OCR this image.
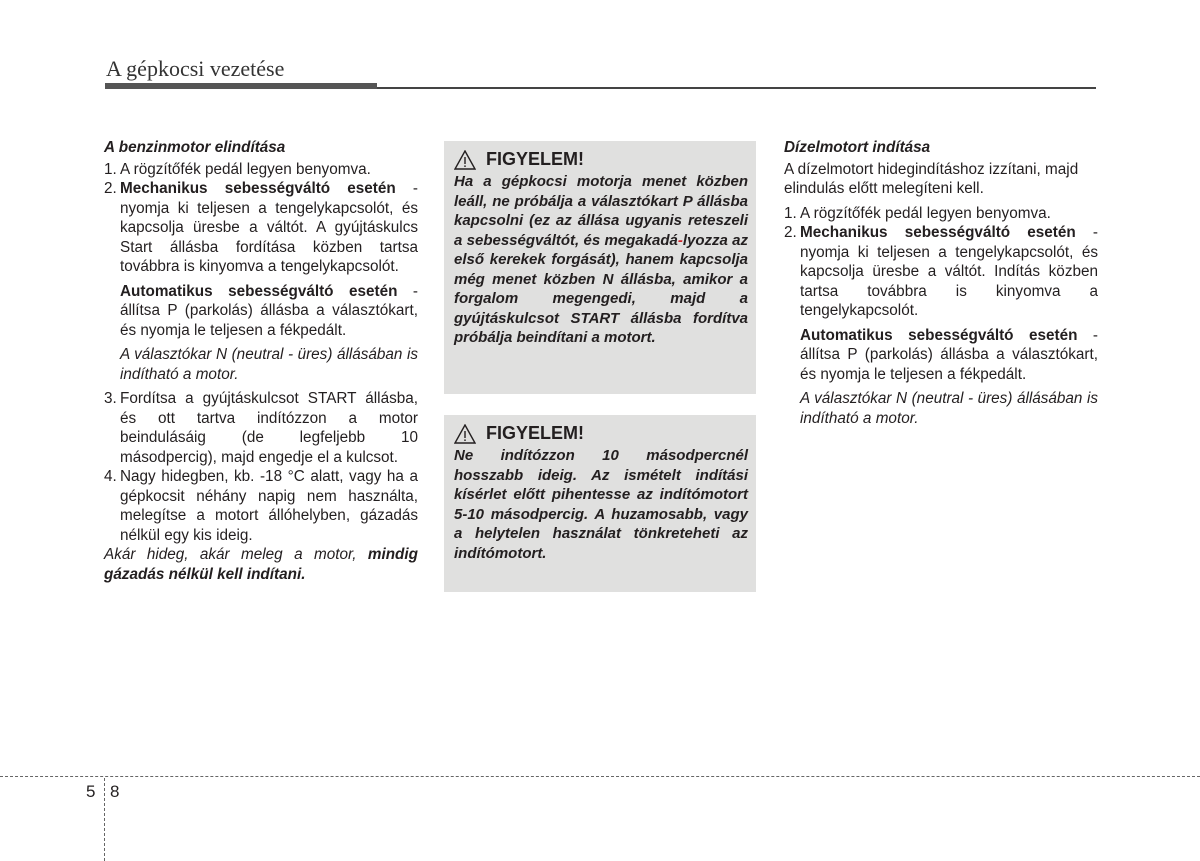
A gépkocsi vezetése
A benzinmotor elindítása
1. A rögzítőfék pedál legyen benyomva.
2. Mechanikus sebességváltó esetén - nyomja ki teljesen a tengelykapcsolót, és kapcsolja üresbe a váltót. A gyújtáskulcs Start állásba fordítása közben tartsa továbbra is kinyomva a tengelykapcsolót.

Automatikus sebességváltó esetén - állítsa P (parkolás) állásba a választókart, és nyomja le teljesen a fékpedált.

A választókar N (neutral - üres) állásában is indítható a motor.

3. Fordítsa a gyújtáskulcsot START állásba, és ott tartva indítózzon a motor beindulásáig (de legfeljebb 10 másodpercig), majd engedje el a kulcsot.
4. Nagy hidegben, kb. -18 °C alatt, vagy ha a gépkocsit néhány napig nem használta, melegítse a motort állóhelyben, gázadás nélkül egy kis ideig.

Akár hideg, akár meleg a motor, mindig gázadás nélkül kell indítani.

FIGYELEM!
Ha a gépkocsi motorja menet közben leáll, ne próbálja a választókart P állásba kapcsolni (ez az állása ugyanis reteszeli a sebességváltót, és megakadá-lyozza az első kerekek forgását), hanem kapcsolja még menet közben N állásba, amikor a forgalom megengedi, majd a gyújtáskulcsot START állásba fordítva próbálja beindítani a motort.
FIGYELEM!
Ne indítózzon 10 másodpercnél hosszabb ideig. Az ismételt indítási kísérlet előtt pihentesse az indítómotort 5-10 másodpercig. A huzamosabb, vagy a helytelen használat tönkreteheti az indítómotort.
Dízelmotort indítása

A dízelmotort hidegindításhoz izzítani, majd elindulás előtt melegíteni kell.

1. A rögzítőfék pedál legyen benyomva.
2. Mechanikus sebességváltó esetén - nyomja ki teljesen a tengelykapcsolót, és kapcsolja üresbe a váltót. Indítás közben tartsa továbbra is kinyomva a tengelykapcsolót.

Automatikus sebességváltó esetén - állítsa P (parkolás) állásba a választókart, és nyomja le teljesen a fékpedált.

A választókar N (neutral - üres) állásában is indítható a motor.

5 8
